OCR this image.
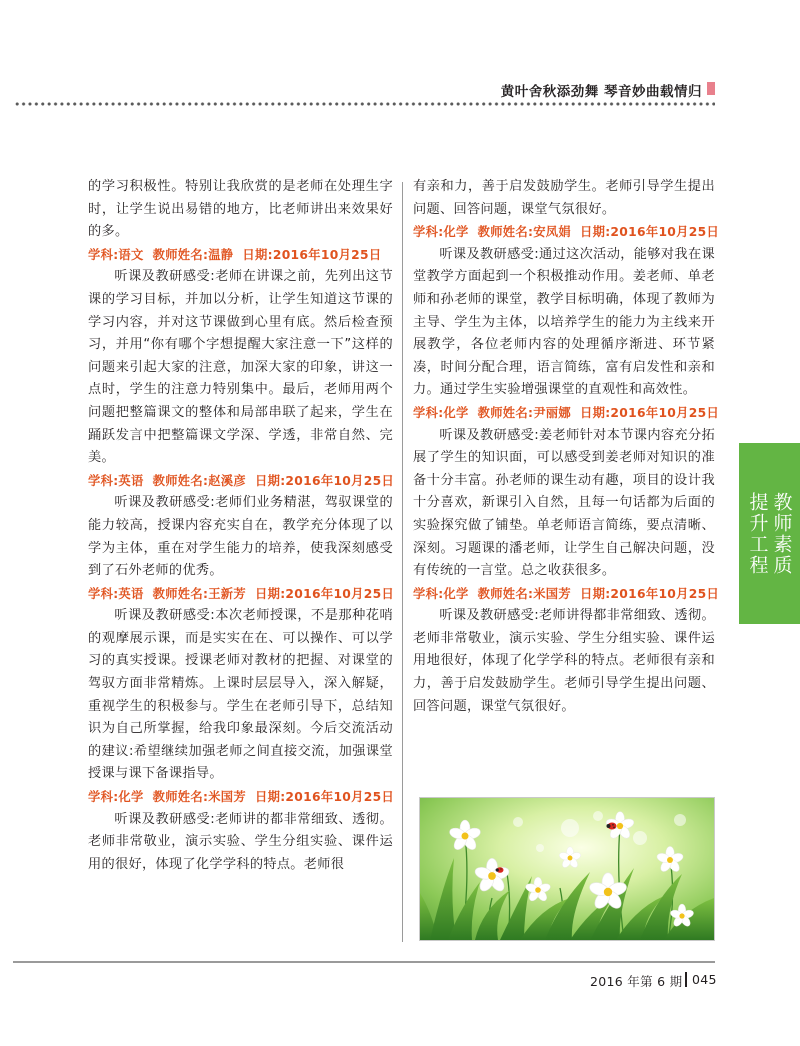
黄叶舍秋添劲舞 琴音妙曲载情归

的学习积极性。特别让我欣赏的是老师在处理生字时，让学生说出易错的地方，比老师讲出来效果好的多。

学科:语文 教师姓名:温静 日期:2016年10月25日

听课及教研感受:老师在讲课之前，先列出这节课的学习目标，并加以分析，让学生知道这节课的学习内容，并对这节课做到心里有底。然后检查预习，并用“你有哪个字想提醒大家注意一下”这样的问题来引起大家的注意，加深大家的印象，讲这一点时，学生的注意力特别集中。最后，老师用两个问题把整篇课文的整体和局部串联了起来，学生在踊跃发言中把整篇课文学深、学透，非常自然、完美。

学科:英语 教师姓名:赵溪彦 日期:2016年10月25日

听课及教研感受:老师们业务精湛，驾驭课堂的能力较高，授课内容充实自在，教学充分体现了以学为主体，重在对学生能力的培养，使我深刻感受到了石外老师的优秀。

学科:英语 教师姓名:王新芳 日期:2016年10月25日

听课及教研感受:本次老师授课，不是那种花哨的观摩展示课，而是实实在在、可以操作、可以学习的真实授课。授课老师对教材的把握、对课堂的驾驭方面非常精炼。上课时层层导入，深入解疑，重视学生的积极参与。学生在老师引导下，总结知识为自己所掌握，给我印象最深刻。今后交流活动的建议:希望继续加强老师之间直接交流，加强课堂授课与课下备课指导。

学科:化学 教师姓名:米国芳 日期:2016年10月25日

听课及教研感受:老师讲的都非常细致、透彻。老师非常敬业，演示实验、学生分组实验、课件运用的很好，体现了化学学科的特点。老师很

有亲和力，善于启发鼓励学生。老师引导学生提出问题、回答问题，课堂气氛很好。

学科:化学 教师姓名:安凤娟 日期:2016年10月25日

听课及教研感受:通过这次活动，能够对我在课堂教学方面起到一个积极推动作用。姜老师、单老师和孙老师的课堂，教学目标明确，体现了教师为主导、学生为主体，以培养学生的能力为主线来开展教学，各位老师内容的处理循序渐进、环节紧凑，时间分配合理，语言简练，富有启发性和亲和力。通过学生实验增强课堂的直观性和高效性。

学科:化学 教师姓名:尹丽娜 日期:2016年10月25日

听课及教研感受:姜老师针对本节课内容充分拓展了学生的知识面，可以感受到姜老师对知识的准备十分丰富。孙老师的课生动有趣，项目的设计我十分喜欢，新课引入自然，且每一句话都为后面的实验探究做了铺垫。单老师语言简练，要点清晰、深刻。习题课的潘老师，让学生自己解决问题，没有传统的一言堂。总之收获很多。

学科:化学 教师姓名:米国芳 日期:2016年10月25日

听课及教研感受:老师讲得都非常细致、透彻。老师非常敬业，演示实验、学生分组实验、课件运用地很好，体现了化学学科的特点。老师很有亲和力，善于启发鼓励学生。老师引导学生提出问题、回答问题，课堂气氛很好。

教师素质
提升工程
2016 年第 6 期 045
